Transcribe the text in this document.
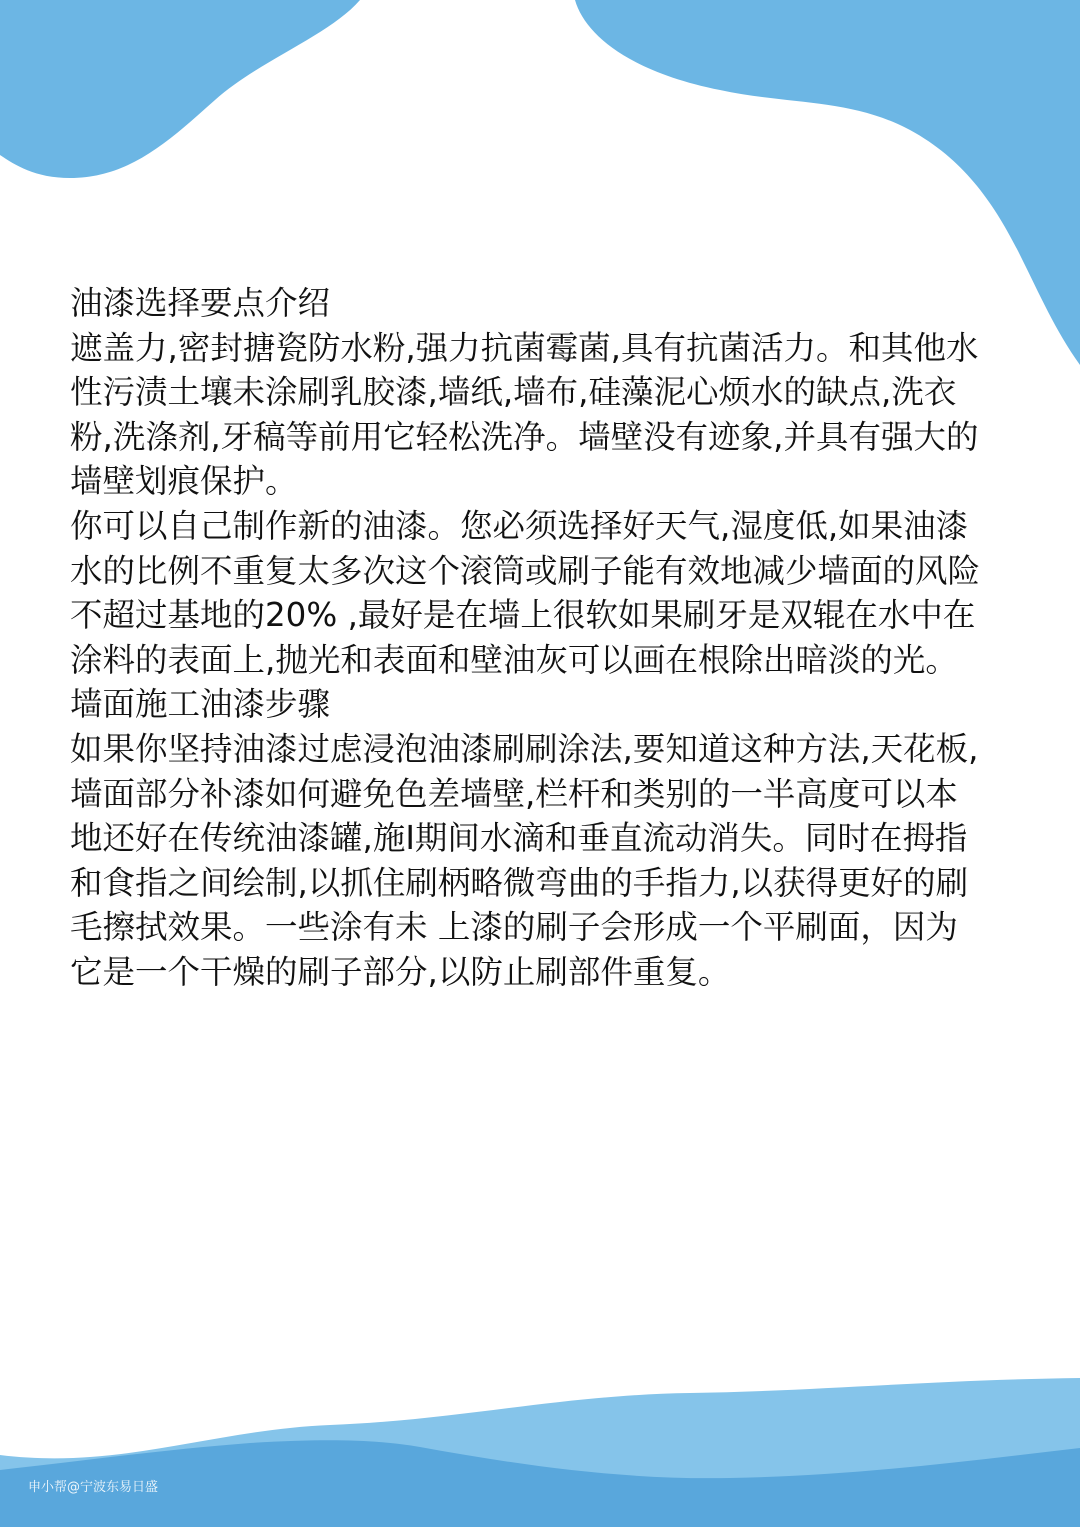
油漆选择要点介绍

遮盖力,密封搪瓷防水粉,强力抗菌霉菌,具有抗菌活力。和其他水性污渍土壤未涂刷乳胶漆,墙纸,墙布,硅藻泥心烦水的缺点,洗衣粉,洗涤剂,牙稿等前用它轻松洗净。墙壁没有迹象,并具有强大的墙壁划痕保护。

你可以自己制作新的油漆。您必须选择好天气,湿度低,如果油漆水的比例不重复太多次这个滚筒或刷子能有效地减少墙面的风险不超过基地的20% ,最好是在墙上很软如果刷牙是双辊在水中在涂料的表面上,抛光和表面和壁油灰可以画在根除出暗淡的光。

墙面施工油漆步骤

如果你坚持油漆过虑浸泡油漆刷刷涂法,要知道这种方法,天花板,墙面部分补漆如何避免色差墙壁,栏杆和类别的一半高度可以本地还好在传统油漆罐,施I期间水滴和垂直流动消失。同时在拇指和食指之间绘制,以抓住刷柄略微弯曲的手指力,以获得更好的刷毛擦拭效果。一些涂有未 上漆的刷子会形成一个平刷面，因为它是一个干燥的刷子部分,以防止刷部件重复。

申小帮@宁波东易日盛
